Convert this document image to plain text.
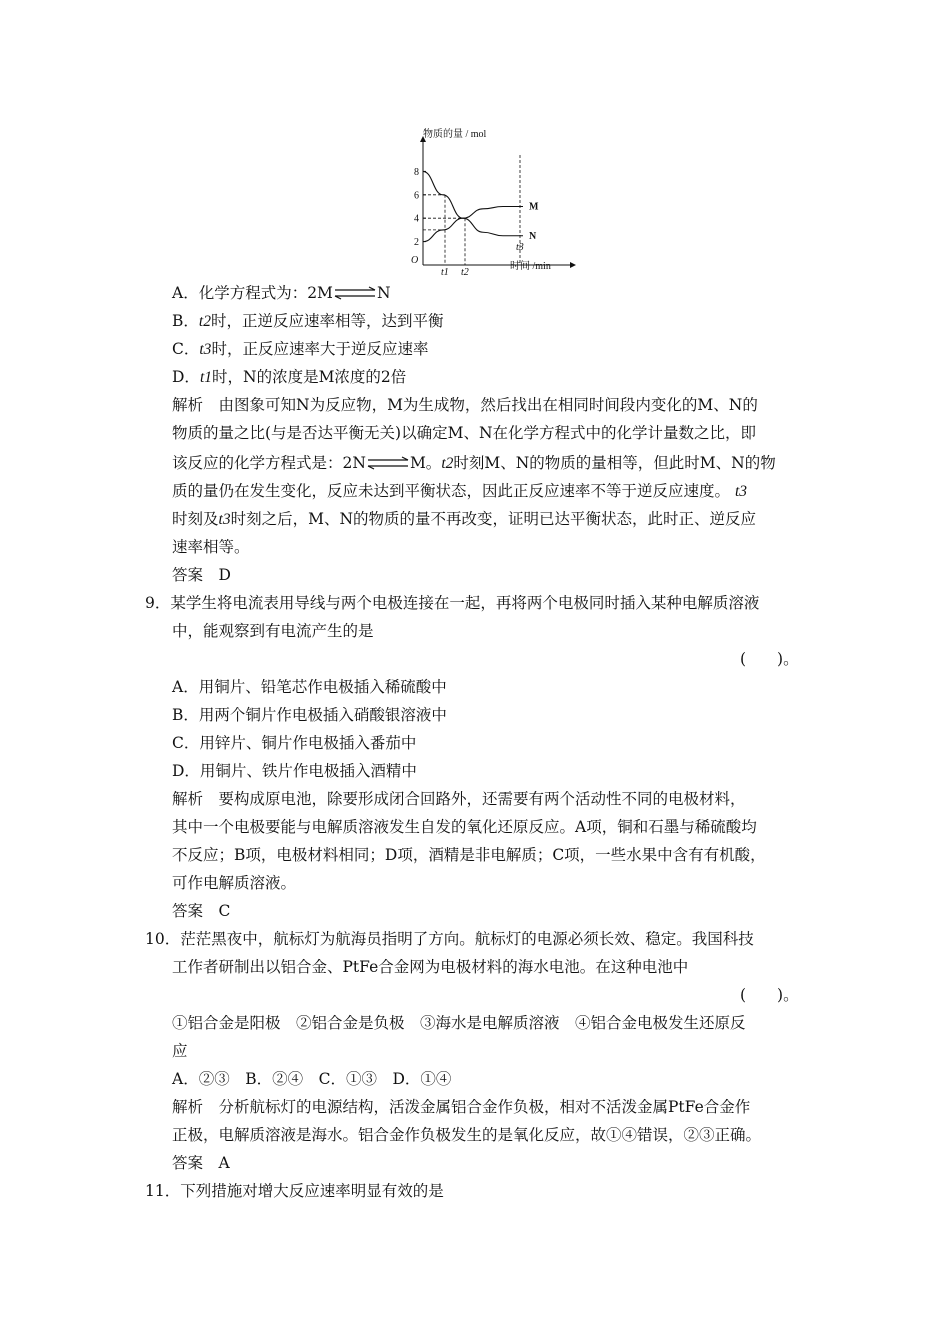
物质的量 / mol
O
2
4
6
8
t1 t2
t3
M
N
时间 /min
A．化学方程式为：2M⇌N
B．t2时，正逆反应速率相等，达到平衡
C．t3时，正反应速率大于逆反应速率
D．t1时，N的浓度是M浓度的2倍
解析　由图象可知N为反应物，M为生成物，然后找出在相同时间段内变化的M、N的
物质的量之比(与是否达平衡无关)以确定M、N在化学方程式中的化学计量数之比，即
该反应的化学方程式是：2N⇌M。t2时刻M、N的物质的量相等，但此时M、N的物
质的量仍在发生变化，反应未达到平衡状态，因此正反应速率不等于逆反应速度。 t3
时刻及t3时刻之后，M、N的物质的量不再改变，证明已达平衡状态，此时正、逆反应
速率相等。
答案　D
9．某学生将电流表用导线与两个电极连接在一起，再将两个电极同时插入某种电解质溶液
中，能观察到有电流产生的是
(　　)。
A．用铜片、铅笔芯作电极插入稀硫酸中
B．用两个铜片作电极插入硝酸银溶液中
C．用锌片、铜片作电极插入番茄中
D．用铜片、铁片作电极插入酒精中
解析　要构成原电池，除要形成闭合回路外，还需要有两个活动性不同的电极材料，
其中一个电极要能与电解质溶液发生自发的氧化还原反应。A项，铜和石墨与稀硫酸均
不反应；B项，电极材料相同；D项，酒精是非电解质；C项，一些水果中含有有机酸，
可作电解质溶液。
答案　C
10．茫茫黑夜中，航标灯为航海员指明了方向。航标灯的电源必须长效、稳定。我国科技
工作者研制出以铝合金、PtFe合金网为电极材料的海水电池。在这种电池中
(　　)。
①铝合金是阳极　②铝合金是负极　③海水是电解质溶液　④铝合金电极发生还原反
应
A．②③　B．②④　C．①③　D．①④
解析　分析航标灯的电源结构，活泼金属铝合金作负极，相对不活泼金属PtFe合金作
正极，电解质溶液是海水。铝合金作负极发生的是氧化反应，故①④错误，②③正确。
答案　A
11．下列措施对增大反应速率明显有效的是
